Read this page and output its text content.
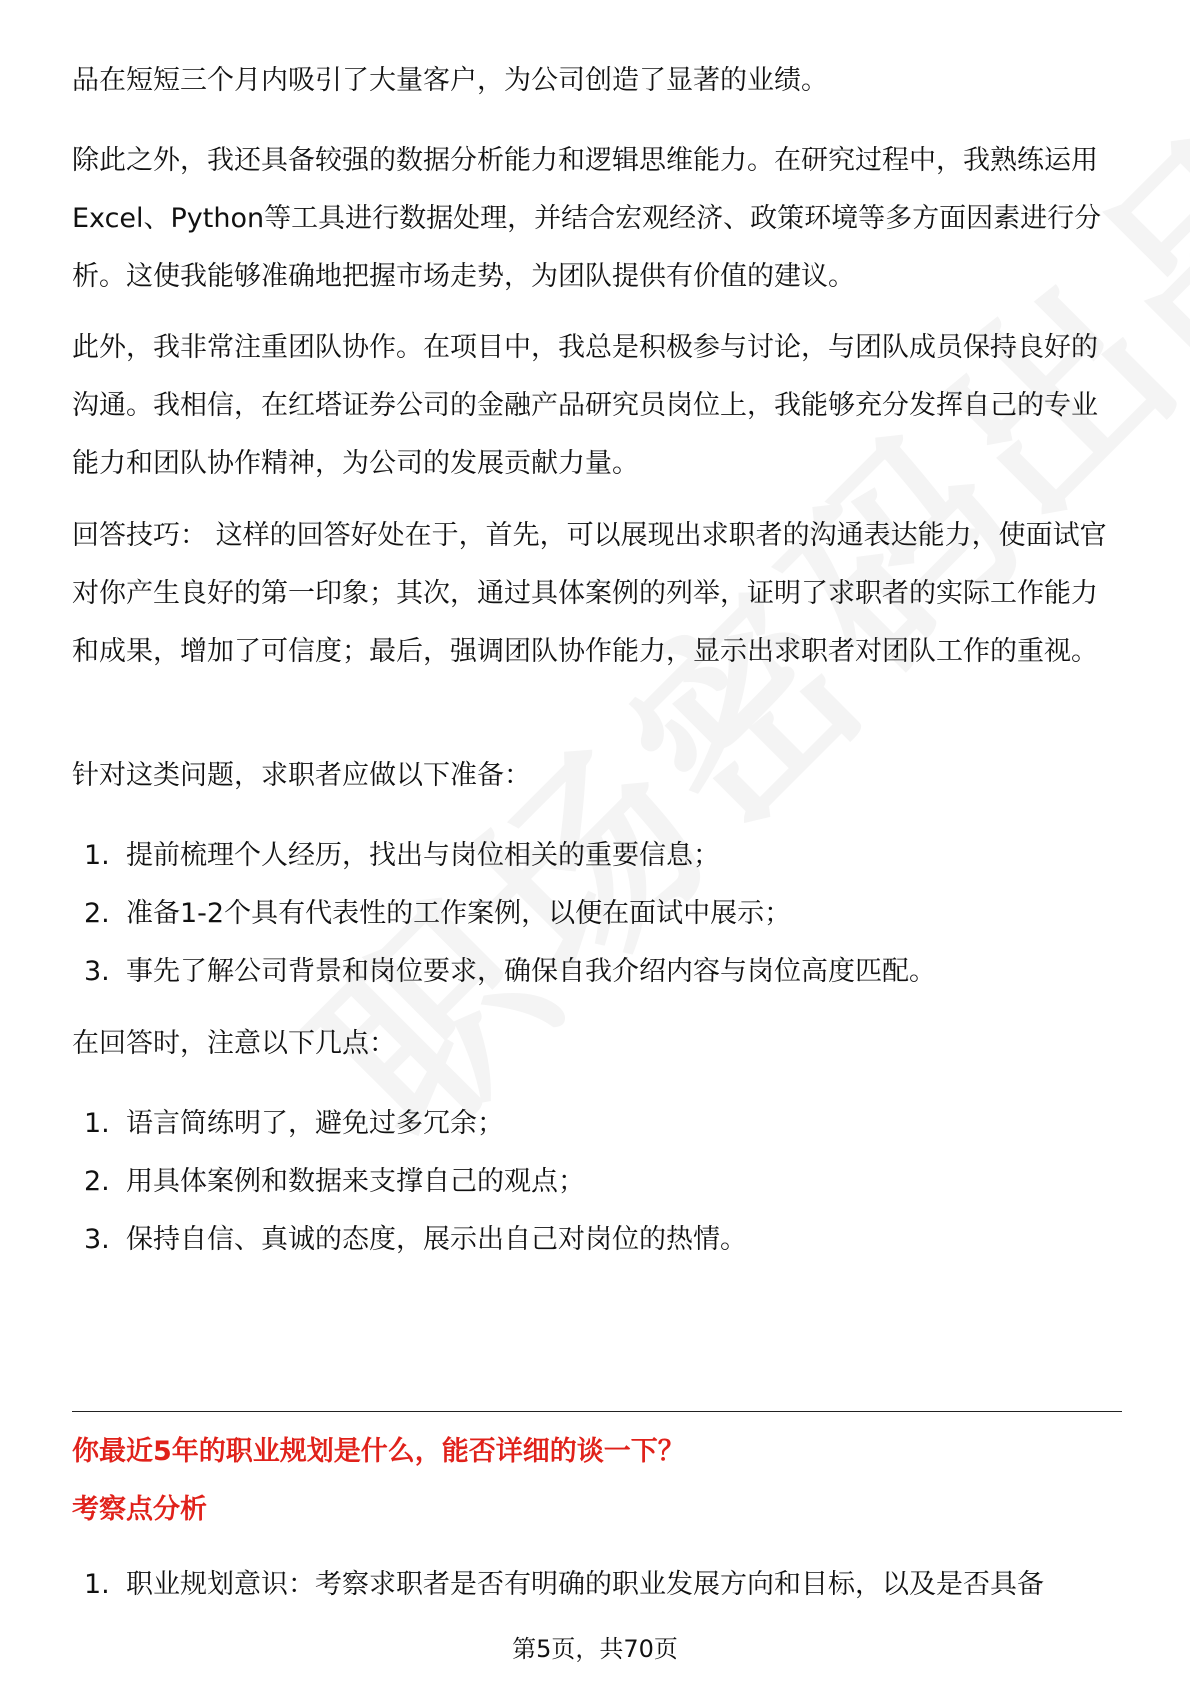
品在短短三个月内吸引了大量客户，为公司创造了显著的业绩。

除此之外，我还具备较强的数据分析能力和逻辑思维能力。在研究过程中，我熟练运用Excel、Python等工具进行数据处理，并结合宏观经济、政策环境等多方面因素进行分析。这使我能够准确地把握市场走势，为团队提供有价值的建议。

此外，我非常注重团队协作。在项目中，我总是积极参与讨论，与团队成员保持良好的沟通。我相信，在红塔证券公司的金融产品研究员岗位上，我能够充分发挥自己的专业能力和团队协作精神，为公司的发展贡献力量。

回答技巧： 这样的回答好处在于，首先，可以展现出求职者的沟通表达能力，使面试官对你产生良好的第一印象；其次，通过具体案例的列举，证明了求职者的实际工作能力和成果，增加了可信度；最后，强调团队协作能力，显示出求职者对团队工作的重视。

针对这类问题，求职者应做以下准备：

1. 提前梳理个人经历，找出与岗位相关的重要信息；
2. 准备1-2个具有代表性的工作案例，以便在面试中展示；
3. 事先了解公司背景和岗位要求，确保自我介绍内容与岗位高度匹配。

在回答时，注意以下几点：

1. 语言简练明了，避免过多冗余；
2. 用具体案例和数据来支撑自己的观点；
3. 保持自信、真诚的态度，展示出自己对岗位的热情。
你最近5年的职业规划是什么，能否详细的谈一下？
考察点分析
1. 职业规划意识：考察求职者是否有明确的职业发展方向和目标，以及是否具备
第5页，共70页
